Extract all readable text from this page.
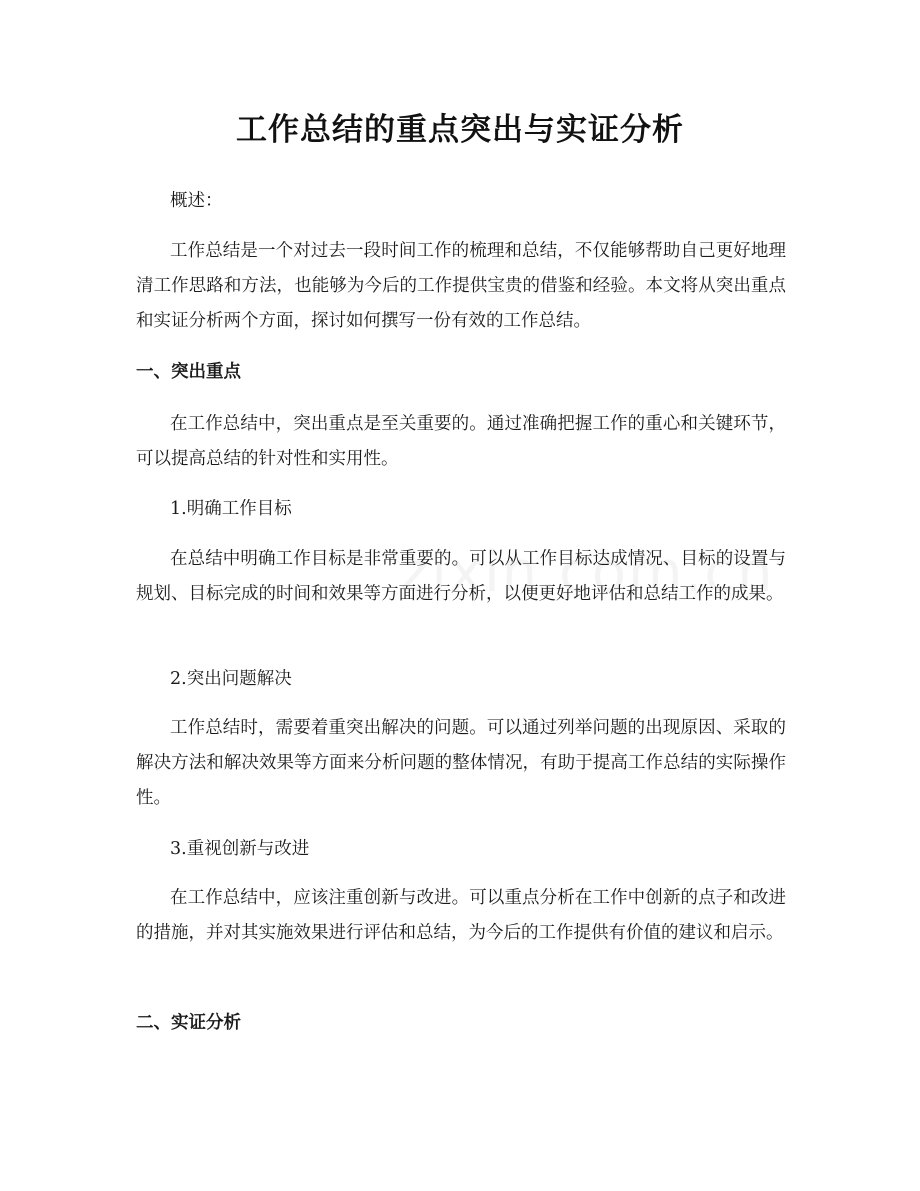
工作总结的重点突出与实证分析

概述：

工作总结是一个对过去一段时间工作的梳理和总结，不仅能够帮助自己更好地理清工作思路和方法，也能够为今后的工作提供宝贵的借鉴和经验。本文将从突出重点和实证分析两个方面，探讨如何撰写一份有效的工作总结。

一、突出重点

在工作总结中，突出重点是至关重要的。通过准确把握工作的重心和关键环节，可以提高总结的针对性和实用性。

1.明确工作目标

在总结中明确工作目标是非常重要的。可以从工作目标达成情况、目标的设置与规划、目标完成的时间和效果等方面进行分析，以便更好地评估和总结工作的成果。

2.突出问题解决

工作总结时，需要着重突出解决的问题。可以通过列举问题的出现原因、采取的解决方法和解决效果等方面来分析问题的整体情况，有助于提高工作总结的实际操作性。

3.重视创新与改进

在工作总结中，应该注重创新与改进。可以重点分析在工作中创新的点子和改进的措施，并对其实施效果进行评估和总结，为今后的工作提供有价值的建议和启示。

二、实证分析
